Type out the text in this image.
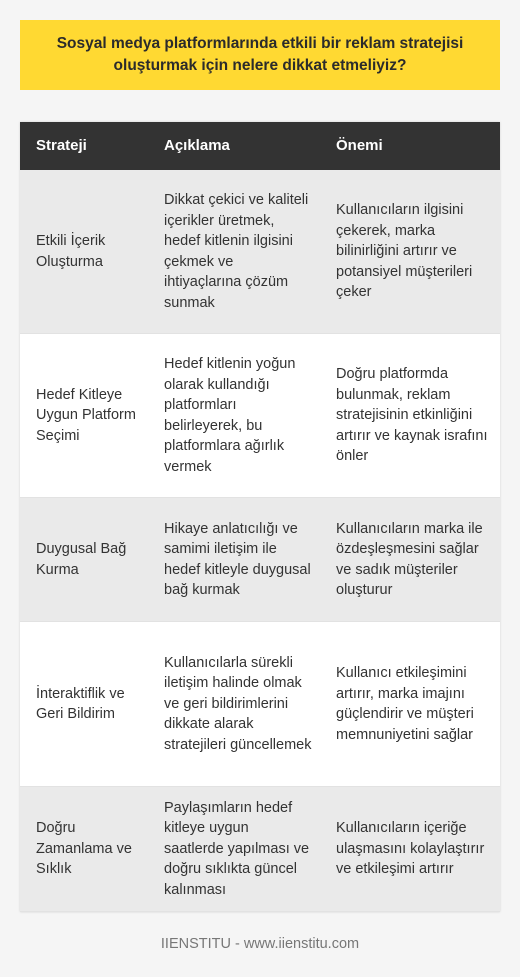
Sosyal medya platformlarında etkili bir reklam stratejisi oluşturmak için nelere dikkat etmeliyiz?
Strateji	Açıklama	Önemi
Etkili İçerik Oluşturma
Dikkat çekici ve kaliteli içerikler üretmek, hedef kitlenin ilgisini çekmek ve ihtiyaçlarına çözüm sunmak
Kullanıcıların ilgisini çekerek, marka bilinirliğini artırır ve potansiyel müşterileri çeker
Hedef Kitleye Uygun Platform Seçimi
Hedef kitlenin yoğun olarak kullandığı platformları belirleyerek, bu platformlara ağırlık vermek
Doğru platformda bulunmak, reklam stratejisinin etkinliğini artırır ve kaynak israfını önler
Duygusal Bağ Kurma
Hikaye anlatıcılığı ve samimi iletişim ile hedef kitleyle duygusal bağ kurmak
Kullanıcıların marka ile özdeşleşmesini sağlar ve sadık müşteriler oluşturur
İnteraktiflik ve Geri Bildirim
Kullanıcılarla sürekli iletişim halinde olmak ve geri bildirimlerini dikkate alarak stratejileri güncellemek
Kullanıcı etkileşimini artırır, marka imajını güçlendirir ve müşteri memnuniyetini sağlar
Doğru Zamanlama ve Sıklık
Paylaşımların hedef kitleye uygun saatlerde yapılması ve doğru sıklıkta güncel kalınması
Kullanıcıların içeriğe ulaşmasını kolaylaştırır ve etkileşimi artırır
IIENSTITU - www.iienstitu.com
